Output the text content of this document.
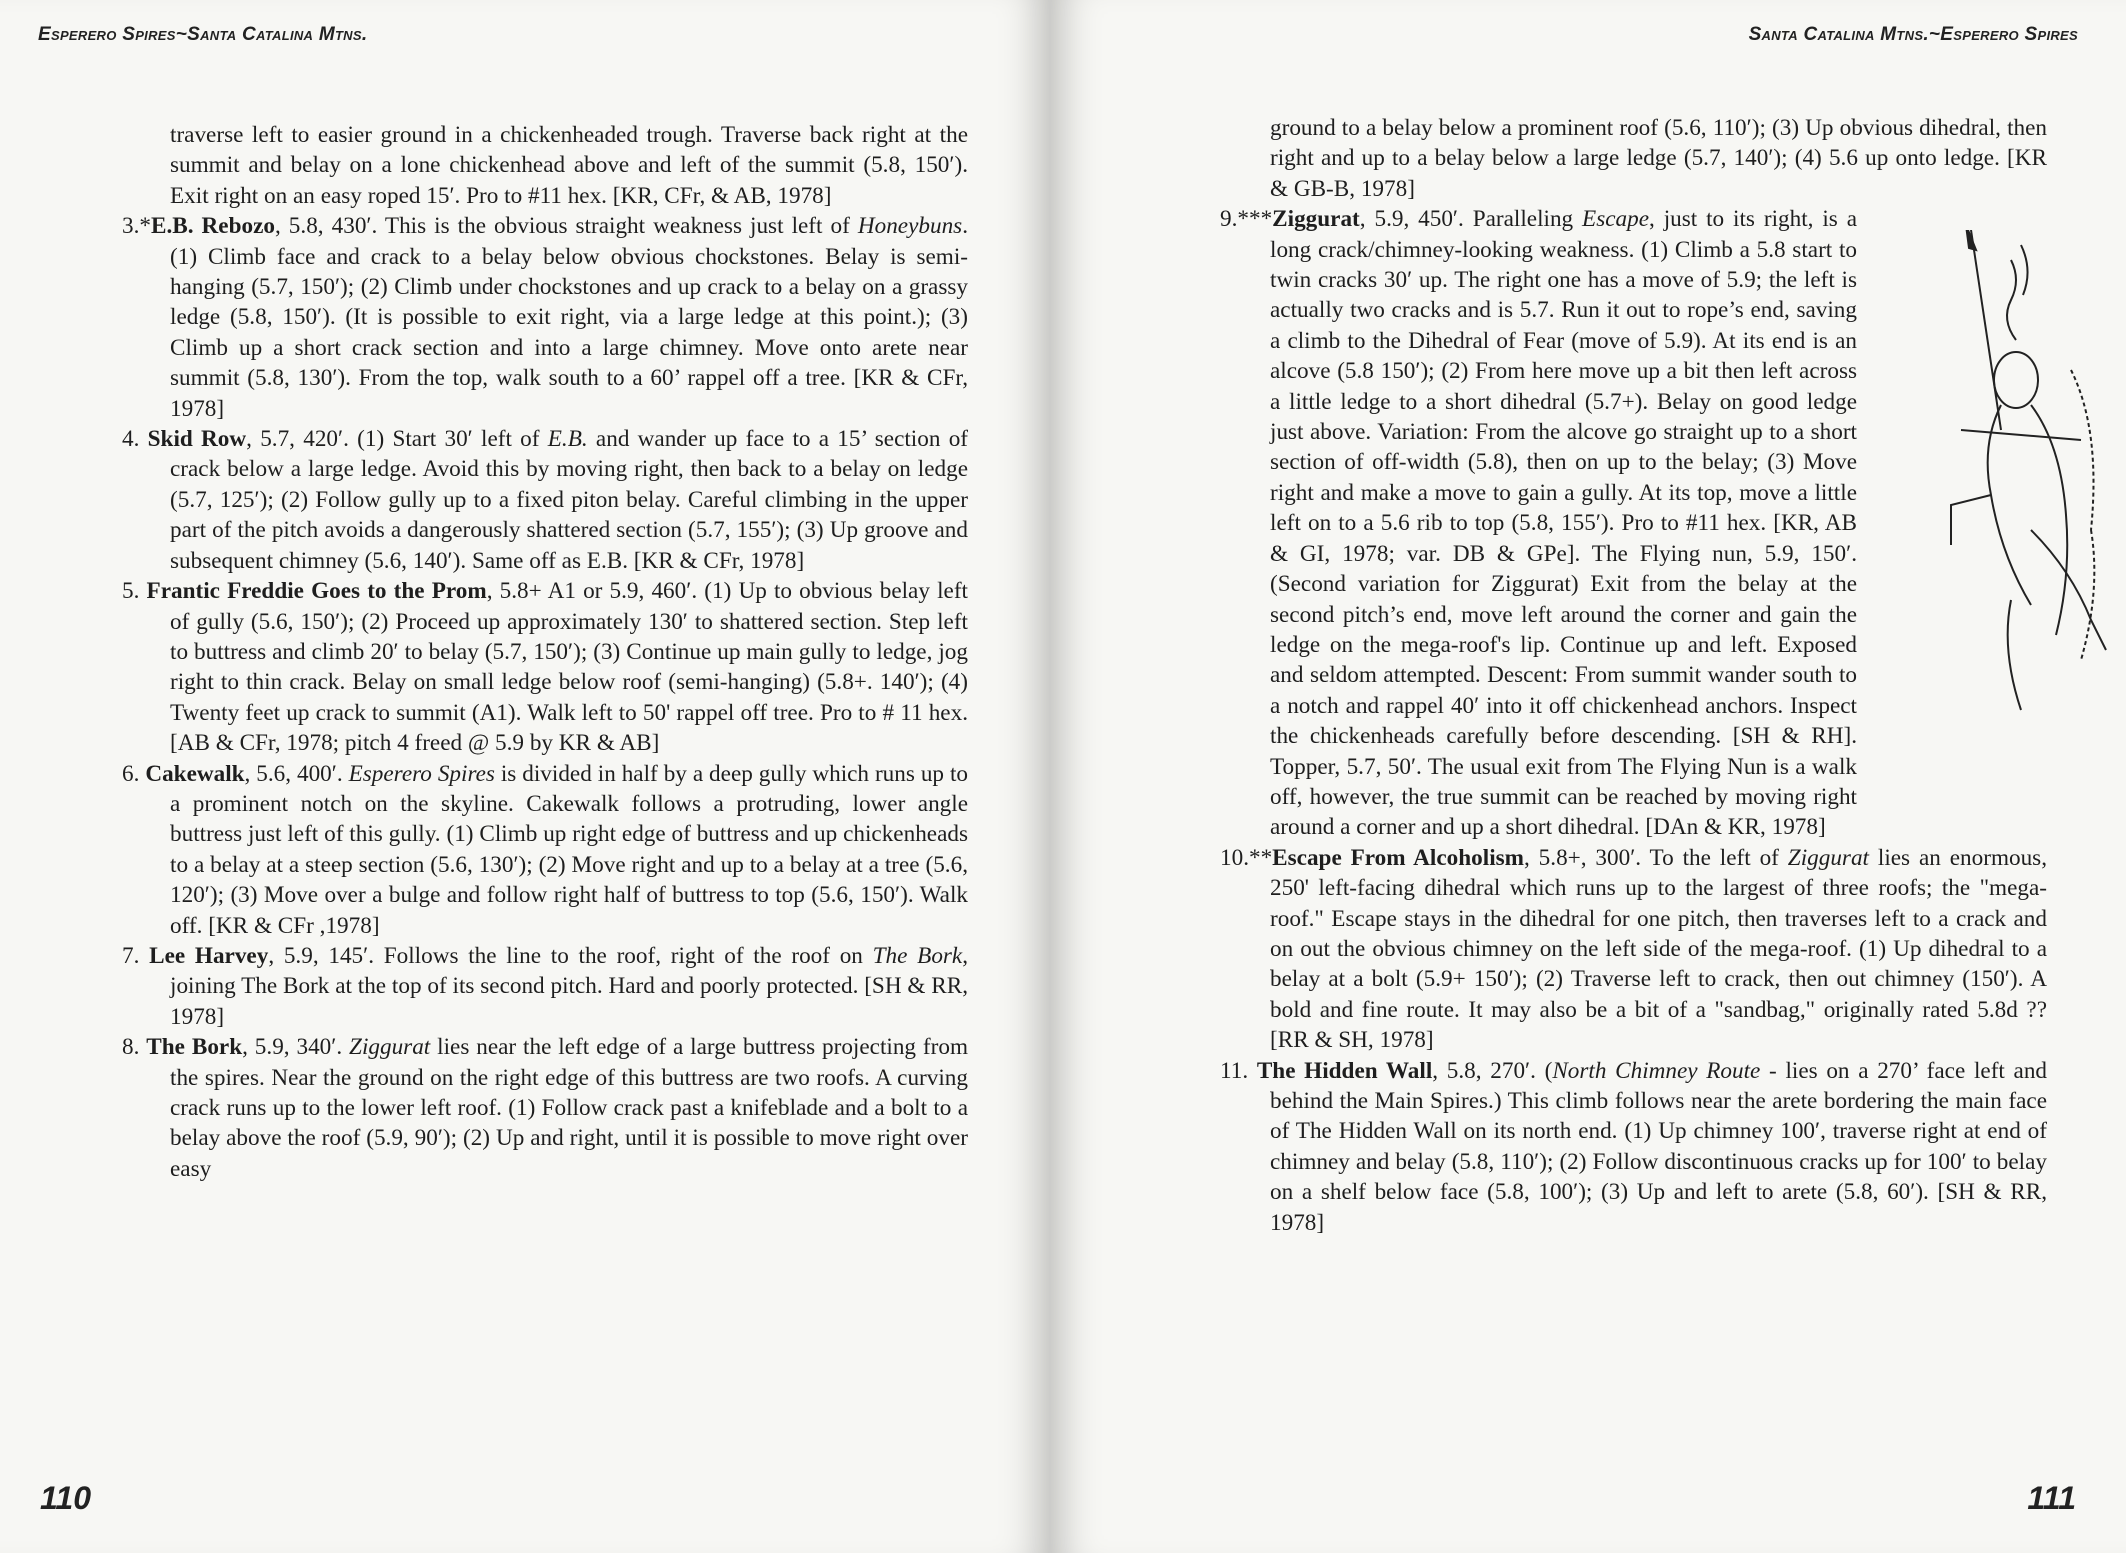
Esperero Spires~Santa Catalina Mtns.
traverse left to easier ground in a chickenheaded trough. Traverse back right at the summit and belay on a lone chickenhead above and left of the summit (5.8, 150′). Exit right on an easy roped 15′. Pro to #11 hex. [KR, CFr, & AB, 1978]
3.*E.B. Rebozo, 5.8, 430′. This is the obvious straight weakness just left of Honeybuns. (1) Climb face and crack to a belay below obvious chockstones. Belay is semi-hanging (5.7, 150′); (2) Climb under chockstones and up crack to a belay on a grassy ledge (5.8, 150′). (It is possible to exit right, via a large ledge at this point.); (3) Climb up a short crack section and into a large chimney. Move onto arete near summit (5.8, 130′). From the top, walk south to a 60’ rappel off a tree. [KR & CFr, 1978]
4. Skid Row, 5.7, 420′. (1) Start 30′ left of E.B. and wander up face to a 15’ section of crack below a large ledge. Avoid this by moving right, then back to a belay on ledge (5.7, 125′); (2) Follow gully up to a fixed piton belay. Careful climbing in the upper part of the pitch avoids a dangerously shattered section (5.7, 155′); (3) Up groove and subsequent chimney (5.6, 140′). Same off as E.B. [KR & CFr, 1978]
5. Frantic Freddie Goes to the Prom, 5.8+ A1 or 5.9, 460′. (1) Up to obvious belay left of gully (5.6, 150′); (2) Proceed up approximately 130′ to shattered section. Step left to buttress and climb 20′ to belay (5.7, 150′); (3) Continue up main gully to ledge, jog right to thin crack. Belay on small ledge below roof (semi-hanging) (5.8+. 140′); (4) Twenty feet up crack to summit (A1). Walk left to 50' rappel off tree. Pro to # 11 hex. [AB & CFr, 1978; pitch 4 freed @ 5.9 by KR & AB]
6. Cakewalk, 5.6, 400′. Esperero Spires is divided in half by a deep gully which runs up to a prominent notch on the skyline. Cakewalk follows a protruding, lower angle buttress just left of this gully. (1) Climb up right edge of buttress and up chickenheads to a belay at a steep section (5.6, 130′); (2) Move right and up to a belay at a tree (5.6, 120′); (3) Move over a bulge and follow right half of buttress to top (5.6, 150′). Walk off. [KR & CFr ,1978]
7. Lee Harvey, 5.9, 145′. Follows the line to the roof, right of the roof on The Bork, joining The Bork at the top of its second pitch. Hard and poorly protected. [SH & RR, 1978]
8. The Bork, 5.9, 340′. Ziggurat lies near the left edge of a large buttress projecting from the spires. Near the ground on the right edge of this buttress are two roofs. A curving crack runs up to the lower left roof. (1) Follow crack past a knifeblade and a bolt to a belay above the roof (5.9, 90′); (2) Up and right, until it is possible to move right over easy
110
Santa Catalina Mtns.~Esperero Spires
ground to a belay below a prominent roof (5.6, 110′); (3) Up obvious dihedral, then right and up to a belay below a large ledge (5.7, 140′); (4) 5.6 up onto ledge. [KR & GB-B, 1978]
9.***Ziggurat, 5.9, 450′. Paralleling Escape, just to its right, is a long crack/chimney-looking weakness. (1) Climb a 5.8 start to twin cracks 30′ up. The right one has a move of 5.9; the left is actually two cracks and is 5.7. Run it out to rope’s end, saving a climb to the Dihedral of Fear (move of 5.9). At its end is an alcove (5.8 150′); (2) From here move up a bit then left across a little ledge to a short dihedral (5.7+). Belay on good ledge just above. Variation: From the alcove go straight up to a short section of off-width (5.8), then on up to the belay; (3) Move right and make a move to gain a gully. At its top, move a little left on to a 5.6 rib to top (5.8, 155′). Pro to #11 hex. [KR, AB & GI, 1978; var. DB & GPe]. The Flying nun, 5.9, 150′. (Second variation for Ziggurat) Exit from the belay at the second pitch’s end, move left around the corner and gain the ledge on the mega-roof's lip. Continue up and left. Exposed and seldom attempted. Descent: From summit wander south to a notch and rappel 40′ into it off chickenhead anchors. Inspect the chickenheads carefully before descending. [SH & RH]. Topper, 5.7, 50′. The usual exit from The Flying Nun is a walk off, however, the true summit can be reached by moving right around a corner and up a short dihedral. [DAn & KR, 1978]
10.**Escape From Alcoholism, 5.8+, 300′. To the left of Ziggurat lies an enormous, 250' left-facing dihedral which runs up to the largest of three roofs; the "mega-roof." Escape stays in the dihedral for one pitch, then traverses left to a crack and on out the obvious chimney on the left side of the mega-roof. (1) Up dihedral to a belay at a bolt (5.9+ 150′); (2) Traverse left to crack, then out chimney (150′). A bold and fine route. It may also be a bit of a "sandbag," originally rated 5.8d ?? [RR & SH, 1978]
11. The Hidden Wall, 5.8, 270′. (North Chimney Route - lies on a 270’ face left and behind the Main Spires.) This climb follows near the arete bordering the main face of The Hidden Wall on its north end. (1) Up chimney 100′, traverse right at end of chimney and belay (5.8, 110′); (2) Follow discontinuous cracks up for 100′ to belay on a shelf below face (5.8, 100′); (3) Up and left to arete (5.8, 60′). [SH & RR, 1978]
111
